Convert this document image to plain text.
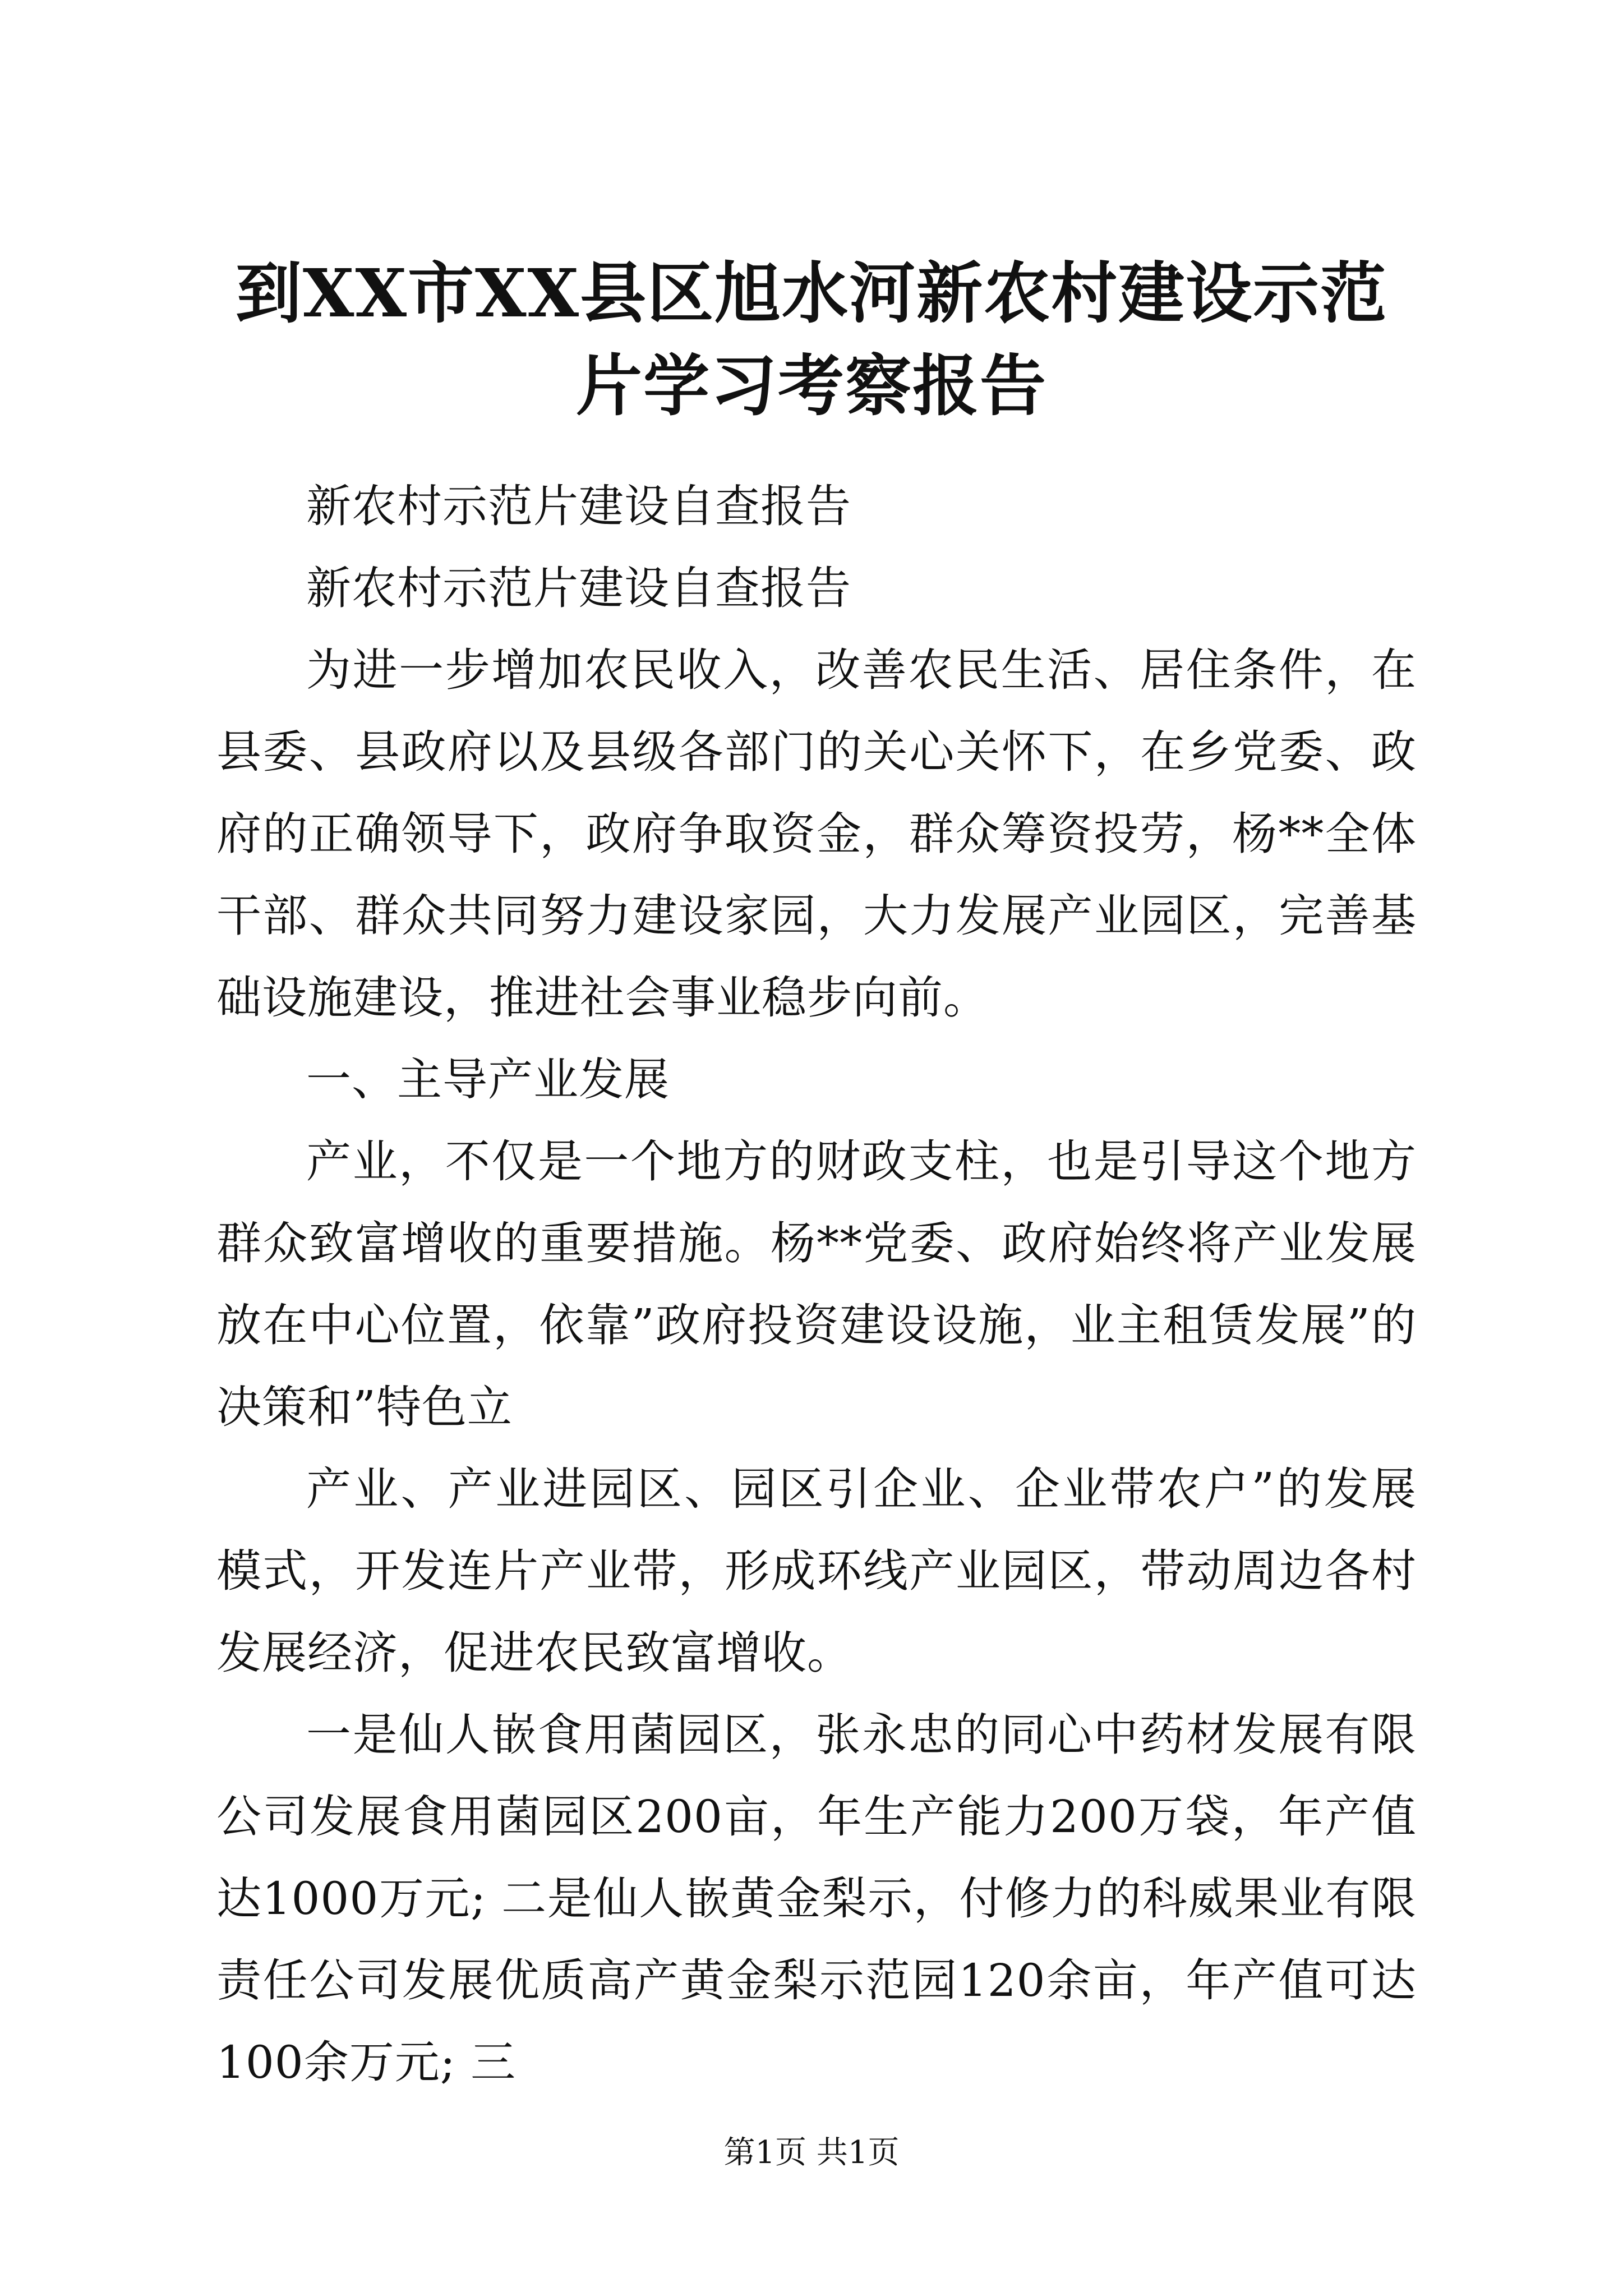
到XX市XX县区旭水河新农村建设示范片学习考察报告

新农村示范片建设自查报告

新农村示范片建设自查报告

为进一步增加农民收入，改善农民生活、居住条件，在县委、县政府以及县级各部门的关心关怀下，在乡党委、政府的正确领导下，政府争取资金，群众筹资投劳，杨**全体干部、群众共同努力建设家园，大力发展产业园区，完善基础设施建设，推进社会事业稳步向前。

一、主导产业发展

产业，不仅是一个地方的财政支柱，也是引导这个地方群众致富增收的重要措施。杨**党委、政府始终将产业发展放在中心位置，依靠”政府投资建设设施，业主租赁发展”的决策和”特色立

产业、产业进园区、园区引企业、企业带农户”的发展模式，开发连片产业带，形成环线产业园区，带动周边各村发展经济，促进农民致富增收。

一是仙人嵌食用菌园区，张永忠的同心中药材发展有限公司发展食用菌园区200亩，年生产能力200万袋，年产值达1000万元; 二是仙人嵌黄金梨示，付修力的科威果业有限责任公司发展优质高产黄金梨示范园120余亩，年产值可达100余万元; 三

第1页 共1页
